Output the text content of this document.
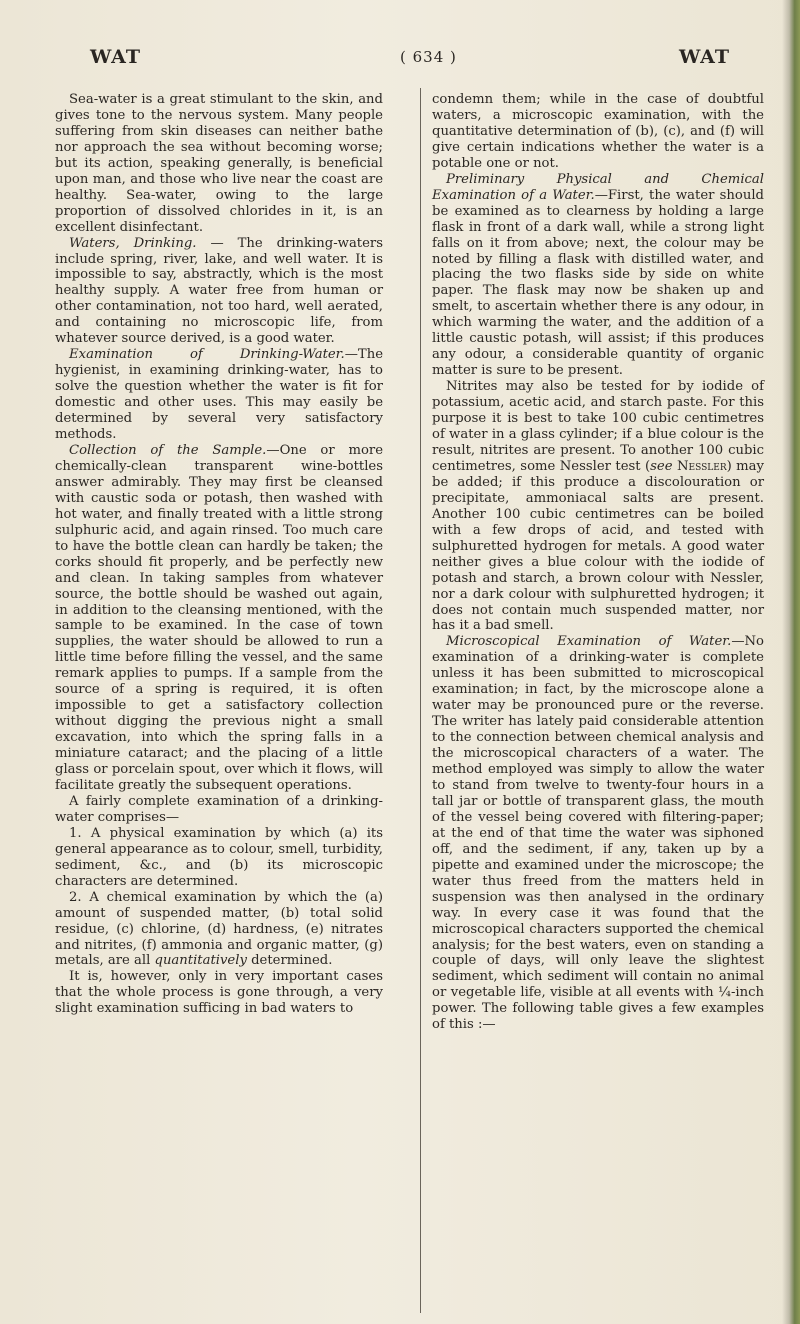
WAT	( 634 )	WAT

Sea-water is a great stimulant to the skin, and gives tone to the nervous system. Many people suffering from skin diseases can neither bathe nor approach the sea without becoming worse; but its action, speaking generally, is beneficial upon man, and those who live near the coast are healthy. Sea-water, owing to the large proportion of dissolved chlorides in it, is an excellent disinfectant.

Waters, Drinking. — The drinking-waters include spring, river, lake, and well water. It is impossible to say, abstractly, which is the most healthy supply. A water free from human or other contamination, not too hard, well aerated, and containing no microscopic life, from whatever source derived, is a good water.

Examination of Drinking-Water.—The hygienist, in examining drinking-water, has to solve the question whether the water is fit for domestic and other uses. This may easily be determined by several very satisfactory methods.

Collection of the Sample.—One or more chemically-clean transparent wine-bottles answer admirably. They may first be cleansed with caustic soda or potash, then washed with hot water, and finally treated with a little strong sulphuric acid, and again rinsed. Too much care to have the bottle clean can hardly be taken; the corks should fit properly, and be perfectly new and clean. In taking samples from whatever source, the bottle should be washed out again, in addition to the cleansing mentioned, with the sample to be examined. In the case of town supplies, the water should be allowed to run a little time before filling the vessel, and the same remark applies to pumps. If a sample from the source of a spring is required, it is often impossible to get a satisfactory collection without digging the previous night a small excavation, into which the spring falls in a miniature cataract; and the placing of a little glass or porcelain spout, over which it flows, will facilitate greatly the subsequent operations.

A fairly complete examination of a drinking-water comprises—

1. A physical examination by which (a) its general appearance as to colour, smell, turbidity, sediment, &c., and (b) its microscopic characters are determined.

2. A chemical examination by which the (a) amount of suspended matter, (b) total solid residue, (c) chlorine, (d) hardness, (e) nitrates and nitrites, (f) ammonia and organic matter, (g) metals, are all quantitatively determined.

It is, however, only in very important cases that the whole process is gone through, a very slight examination sufficing in bad waters to

condemn them; while in the case of doubtful waters, a microscopic examination, with the quantitative determination of (b), (c), and (f) will give certain indications whether the water is a potable one or not.

Preliminary Physical and Chemical Examination of a Water.—First, the water should be examined as to clearness by holding a large flask in front of a dark wall, while a strong light falls on it from above; next, the colour may be noted by filling a flask with distilled water, and placing the two flasks side by side on white paper. The flask may now be shaken up and smelt, to ascertain whether there is any odour, in which warming the water, and the addition of a little caustic potash, will assist; if this produces any odour, a considerable quantity of organic matter is sure to be present.

Nitrites may also be tested for by iodide of potassium, acetic acid, and starch paste. For this purpose it is best to take 100 cubic centimetres of water in a glass cylinder; if a blue colour is the result, nitrites are present. To another 100 cubic centimetres, some Nessler test (see Nessler) may be added; if this produce a discolouration or precipitate, ammoniacal salts are present. Another 100 cubic centimetres can be boiled with a few drops of acid, and tested with sulphuretted hydrogen for metals. A good water neither gives a blue colour with the iodide of potash and starch, a brown colour with Nessler, nor a dark colour with sulphuretted hydrogen; it does not contain much suspended matter, nor has it a bad smell.

Microscopical Examination of Water.—No examination of a drinking-water is complete unless it has been submitted to microscopical examination; in fact, by the microscope alone a water may be pronounced pure or the reverse. The writer has lately paid considerable attention to the connection between chemical analysis and the microscopical characters of a water. The method employed was simply to allow the water to stand from twelve to twenty-four hours in a tall jar or bottle of transparent glass, the mouth of the vessel being covered with filtering-paper; at the end of that time the water was siphoned off, and the sediment, if any, taken up by a pipette and examined under the microscope; the water thus freed from the matters held in suspension was then analysed in the ordinary way. In every case it was found that the microscopical characters supported the chemical analysis; for the best waters, even on standing a couple of days, will only leave the slightest sediment, which sediment will contain no animal or vegetable life, visible at all events with ¼-inch power. The following table gives a few examples of this :—
